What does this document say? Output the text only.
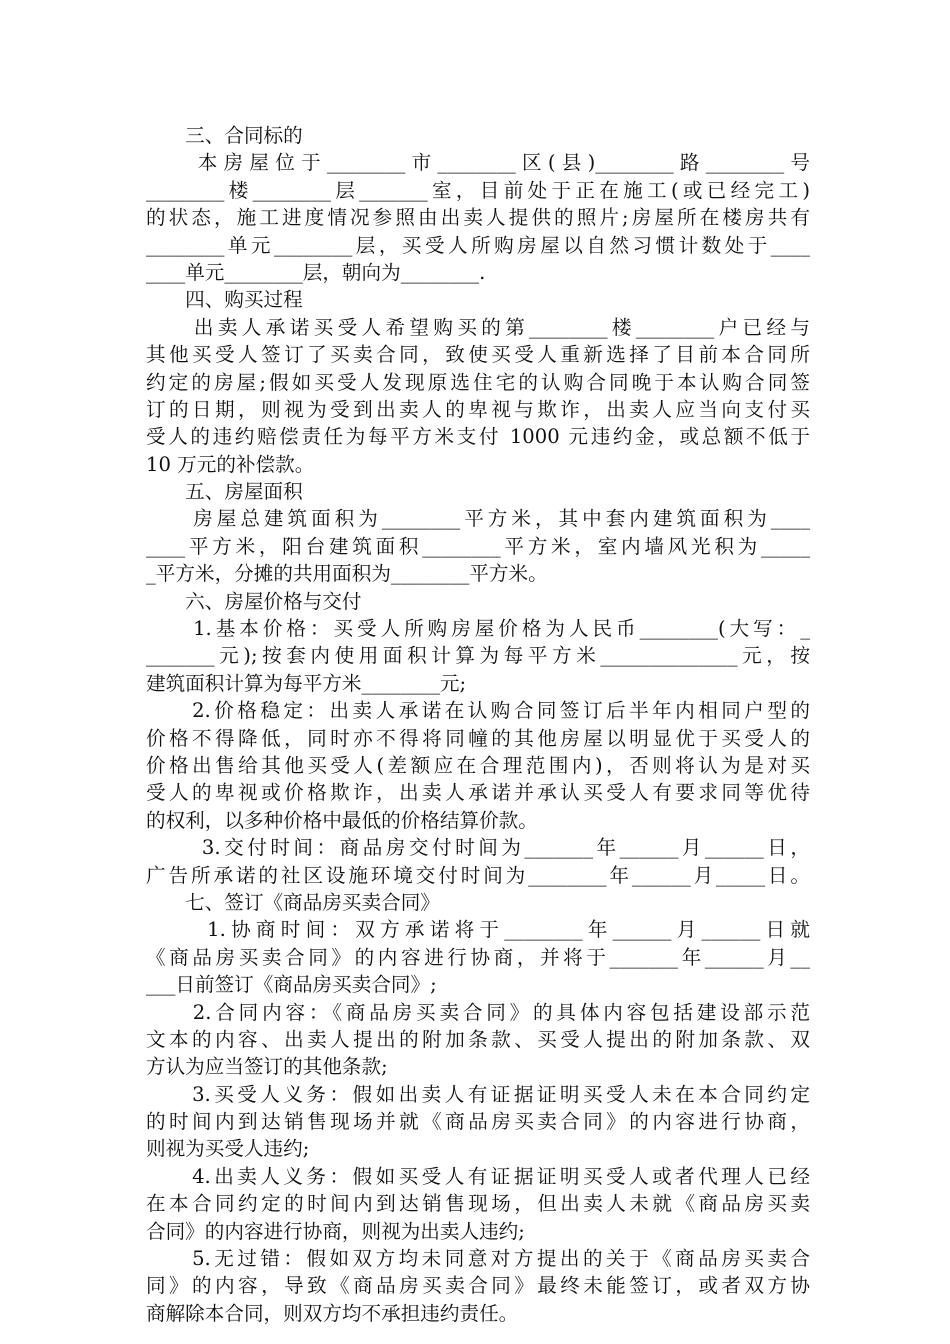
　　三、合同标的
　　本房屋位于________市________区(县)________路________号
________楼________层_______室，目前处于正在施工(或已经完工)
的状态，施工进度情况参照由出卖人提供的照片;房屋所在楼房共有
________单元________层，买受人所购房屋以自然习惯计数处于____
____单元________层，朝向为________.
　　四、购买过程
　　出卖人承诺买受人希望购买的第________楼________户已经与
其他买受人签订了买卖合同，致使买受人重新选择了目前本合同所
约定的房屋;假如买受人发现原选住宅的认购合同晚于本认购合同签
订的日期，则视为受到出卖人的卑视与欺诈，出卖人应当向支付买
受人的违约赔偿责任为每平方米支付 1000 元违约金，或总额不低于
10 万元的补偿款。
　　五、房屋面积
　　房屋总建筑面积为________平方米，其中套内建筑面积为____
____平方米，阳台建筑面积________平方米，室内墙风光积为_____
_平方米，分摊的共用面积为________平方米。
　　六、房屋价格与交付
　　1.基本价格：买受人所购房屋价格为人民币________(大写：_
_______元);按套内使用面积计算为每平方米______________元，按
建筑面积计算为每平方米________元;
　　2.价格稳定：出卖人承诺在认购合同签订后半年内相同户型的
价格不得降低，同时亦不得将同幢的其他房屋以明显优于买受人的
价格出售给其他买受人(差额应在合理范围内)，否则将认为是对买
受人的卑视或价格欺诈，出卖人承诺并承认买受人有要求同等优待
的权利，以多种价格中最低的价格结算价款。
　　 3.交付时间：商品房交付时间为_______年______月______日，
广告所承诺的社区设施环境交付时间为________年______月_____日。
　　七、签订《商品房买卖合同》
　　 1.协商时间：双方承诺将于________年______月______日就
《商品房买卖合同》的内容进行协商，并将于_______年______月__
___日前签订《商品房买卖合同》;
　　2.合同内容：《商品房买卖合同》的具体内容包括建设部示范
文本的内容、出卖人提出的附加条款、买受人提出的附加条款、双
方认为应当签订的其他条款;
　　3.买受人义务：假如出卖人有证据证明买受人未在本合同约定
的时间内到达销售现场并就《商品房买卖合同》的内容进行协商，
则视为买受人违约;
　　4.出卖人义务：假如买受人有证据证明买受人或者代理人已经
在本合同约定的时间内到达销售现场，但出卖人未就《商品房买卖
合同》的内容进行协商，则视为出卖人违约;
　　5.无过错：假如双方均未同意对方提出的关于《商品房买卖合
同》的内容，导致《商品房买卖合同》最终未能签订，或者双方协
商解除本合同，则双方均不承担违约责任。
